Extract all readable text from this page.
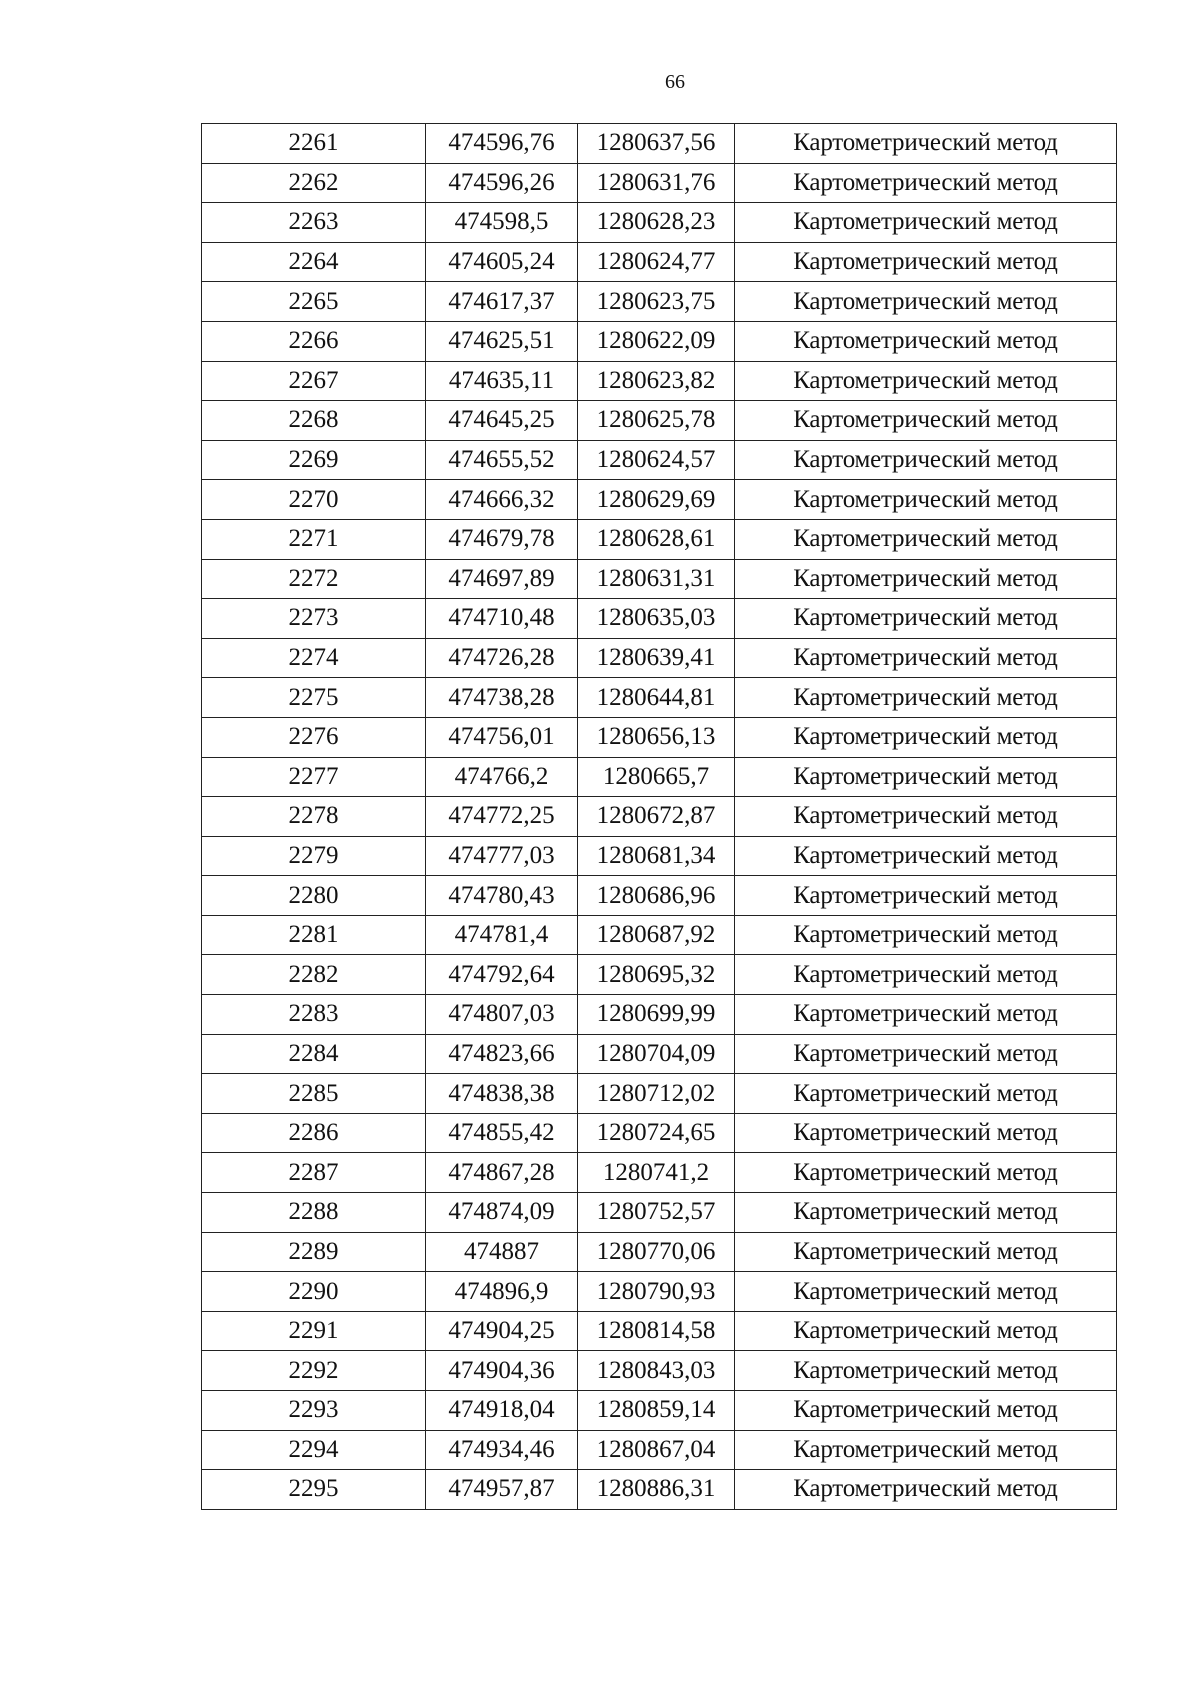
66
2261	474596,76	1280637,56	Картометрический метод
2262	474596,26	1280631,76	Картометрический метод
2263	474598,5	1280628,23	Картометрический метод
2264	474605,24	1280624,77	Картометрический метод
2265	474617,37	1280623,75	Картометрический метод
2266	474625,51	1280622,09	Картометрический метод
2267	474635,11	1280623,82	Картометрический метод
2268	474645,25	1280625,78	Картометрический метод
2269	474655,52	1280624,57	Картометрический метод
2270	474666,32	1280629,69	Картометрический метод
2271	474679,78	1280628,61	Картометрический метод
2272	474697,89	1280631,31	Картометрический метод
2273	474710,48	1280635,03	Картометрический метод
2274	474726,28	1280639,41	Картометрический метод
2275	474738,28	1280644,81	Картометрический метод
2276	474756,01	1280656,13	Картометрический метод
2277	474766,2	1280665,7	Картометрический метод
2278	474772,25	1280672,87	Картометрический метод
2279	474777,03	1280681,34	Картометрический метод
2280	474780,43	1280686,96	Картометрический метод
2281	474781,4	1280687,92	Картометрический метод
2282	474792,64	1280695,32	Картометрический метод
2283	474807,03	1280699,99	Картометрический метод
2284	474823,66	1280704,09	Картометрический метод
2285	474838,38	1280712,02	Картометрический метод
2286	474855,42	1280724,65	Картометрический метод
2287	474867,28	1280741,2	Картометрический метод
2288	474874,09	1280752,57	Картометрический метод
2289	474887	1280770,06	Картометрический метод
2290	474896,9	1280790,93	Картометрический метод
2291	474904,25	1280814,58	Картометрический метод
2292	474904,36	1280843,03	Картометрический метод
2293	474918,04	1280859,14	Картометрический метод
2294	474934,46	1280867,04	Картометрический метод
2295	474957,87	1280886,31	Картометрический метод
